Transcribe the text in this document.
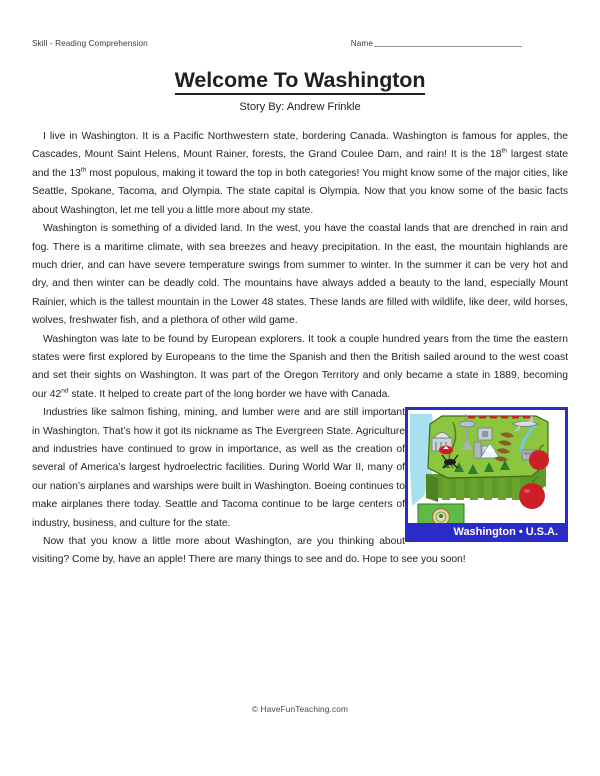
Skill - Reading Comprehension	Name
Welcome To Washington
Story By: Andrew Frinkle

I live in Washington. It is a Pacific Northwestern state, bordering Canada. Washington is famous for apples, the Cascades, Mount Saint Helens, Mount Rainer, forests, the Grand Coulee Dam, and rain! It is the 18th largest state and the 13th most populous, making it toward the top in both categories! You might know some of the major cities, like Seattle, Spokane, Tacoma, and Olympia. The state capital is Olympia. Now that you know some of the basic facts about Washington, let me tell you a little more about my state.

Washington is something of a divided land. In the west, you have the coastal lands that are drenched in rain and fog. There is a maritime climate, with sea breezes and heavy precipitation. In the east, the mountain highlands are much drier, and can have severe temperature swings from summer to winter. In the summer it can be very hot and dry, and then winter can be deadly cold. The mountains have always added a beauty to the land, especially Mount Rainier, which is the tallest mountain in the Lower 48 states. These lands are filled with wildlife, like deer, wild horses, wolves, freshwater fish, and a plethora of other wild game.

Washington was late to be found by European explorers. It took a couple hundred years from the time the eastern states were first explored by Europeans to the time the Spanish and then the British sailed around to the west coast and set their sights on Washington. It was part of the Oregon Territory and only became a state in 1889, becoming our 42nd state. It helped to create part of the long border we have with Canada.

Washington • U.S.A.

Industries like salmon fishing, mining, and lumber were and are still important in Washington. That’s how it got its nickname as The Evergreen State. Agriculture and industries have continued to grow in importance, as well as the creation of several of America’s largest hydroelectric facilities. During World War II, many of our nation’s airplanes and warships were built in Washington. Boeing continues to make airplanes there today. Seattle and Tacoma continue to be large centers of industry, business, and culture for the state.

Now that you know a little more about Washington, are you thinking about visiting? Come by, have an apple! There are many things to see and do. Hope to see you soon!

© HaveFunTeaching.com
